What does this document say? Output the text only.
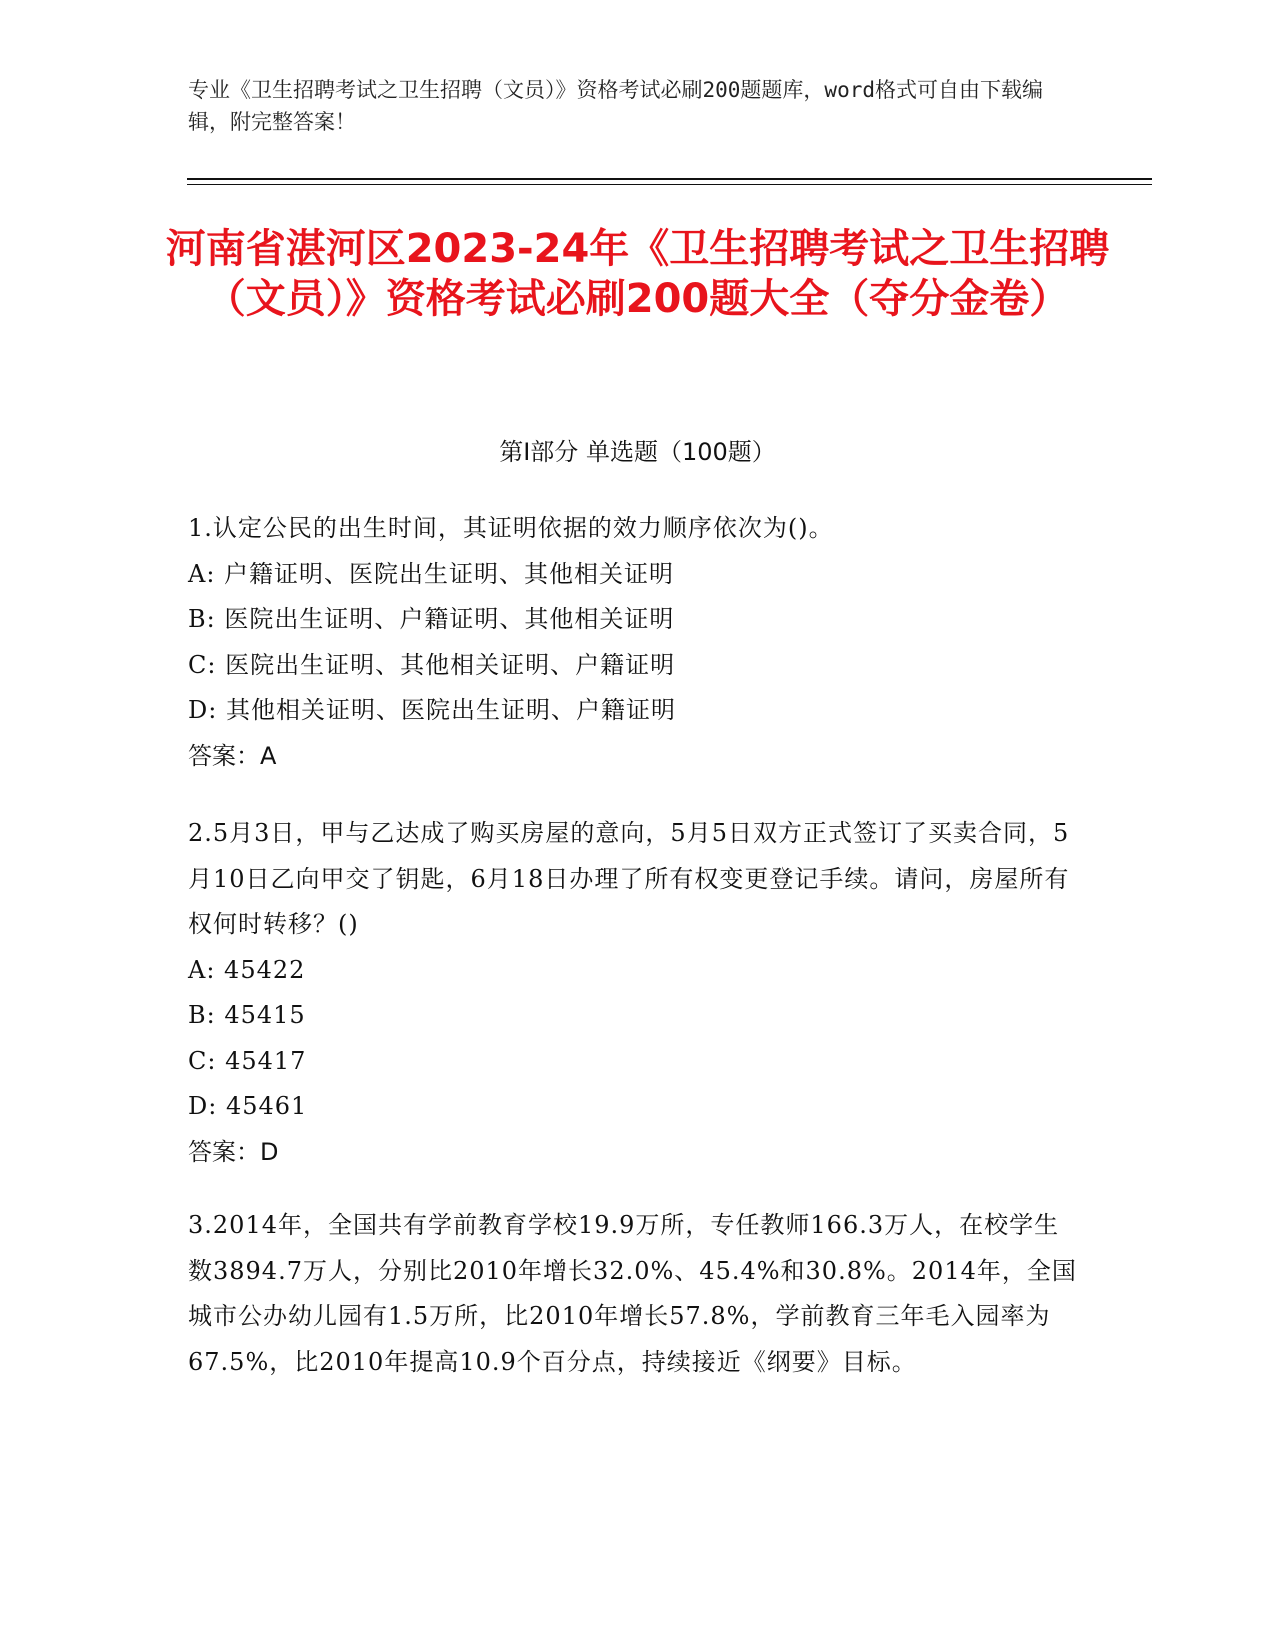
专业《卫生招聘考试之卫生招聘（文员）》资格考试必刷200题题库，word格式可自由下载编辑，附完整答案！
河南省湛河区2023-24年《卫生招聘考试之卫生招聘（文员）》资格考试必刷200题大全（夺分金卷）
第Ⅰ部分 单选题（100题）
1.认定公民的出生时间，其证明依据的效力顺序依次为()。
A: 户籍证明、医院出生证明、其他相关证明
B: 医院出生证明、户籍证明、其他相关证明
C: 医院出生证明、其他相关证明、户籍证明
D: 其他相关证明、医院出生证明、户籍证明
答案：A
2.5月3日，甲与乙达成了购买房屋的意向，5月5日双方正式签订了买卖合同，5月10日乙向甲交了钥匙，6月18日办理了所有权变更登记手续。请问，房屋所有权何时转移？()
A: 45422
B: 45415
C: 45417
D: 45461
答案：D
3.2014年，全国共有学前教育学校19.9万所，专任教师166.3万人，在校学生数3894.7万人，分别比2010年增长32.0%、45.4%和30.8%。2014年，全国城市公办幼儿园有1.5万所，比2010年增长57.8%，学前教育三年毛入园率为67.5%，比2010年提高10.9个百分点，持续接近《纲要》目标。
